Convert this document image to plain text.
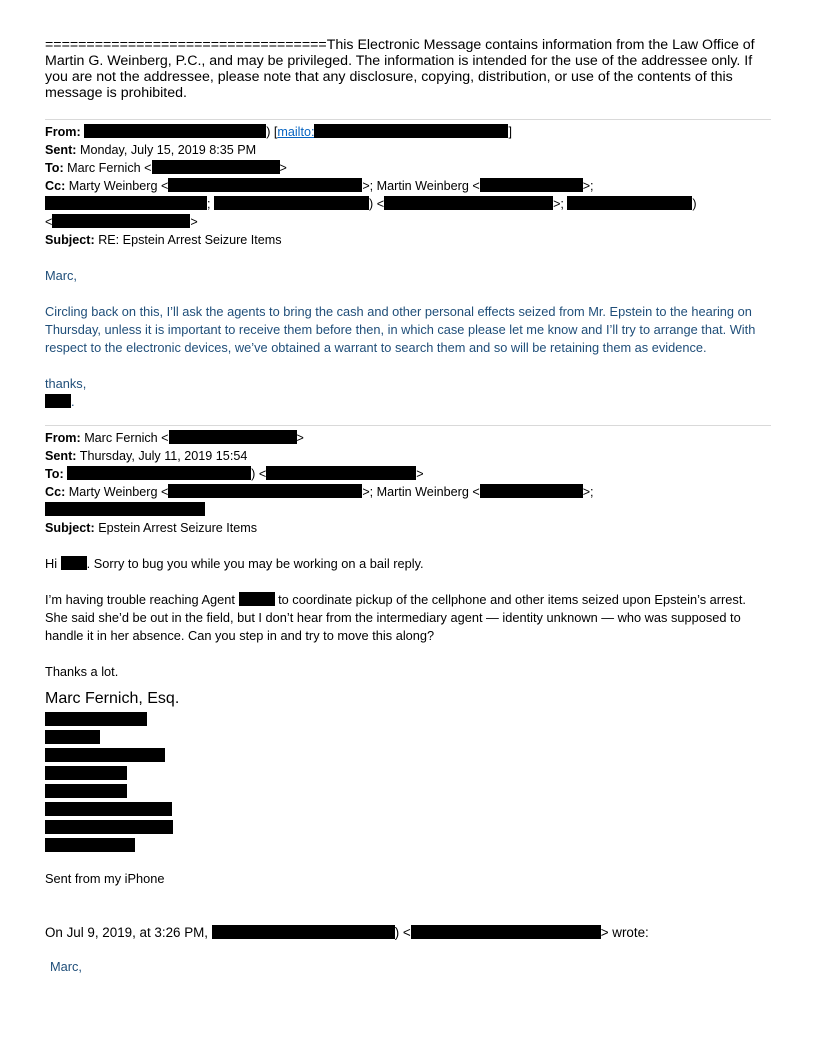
==================================This Electronic Message contains information from the Law Office of Martin G. Weinberg, P.C., and may be privileged. The information is intended for the use of the addressee only. If you are not the addressee, please note that any disclosure, copying, distribution, or use of the contents of this message is prohibited.

From:	) [mailto:	]
Sent: Monday, July 15, 2019 8:35 PM
To: Marc Fernich <	>
Cc: Marty Weinberg <	>; Martin Weinberg <	>;
;	) <	>;	)
<	>
Subject: RE: Epstein Arrest Seizure Items

Marc,

Circling back on this, I’ll ask the agents to bring the cash and other personal effects seized from Mr. Epstein to the hearing on Thursday, unless it is important to receive them before then, in which case please let me know and I’ll try to arrange that. With respect to the electronic devices, we’ve obtained a warrant to search them and so will be retaining them as evidence.

thanks,

.

From: Marc Fernich <	>
Sent: Thursday, July 11, 2019 15:54
To:	) <	>
Cc: Marty Weinberg <	>; Martin Weinberg <	>;
Subject: Epstein Arrest Seizure Items

Hi . Sorry to bug you while you may be working on a bail reply.

I’m having trouble reaching Agent	to coordinate pickup of the cellphone and other items seized upon Epstein’s arrest. She said she’d be out in the field, but I don’t hear from the intermediary agent — identity unknown — who was supposed to handle it in her absence. Can you step in and try to move this along?

Thanks a lot.

Marc Fernich, Esq.

Sent from my iPhone

On Jul 9, 2019, at 3:26 PM,	) <	> wrote:

Marc,
